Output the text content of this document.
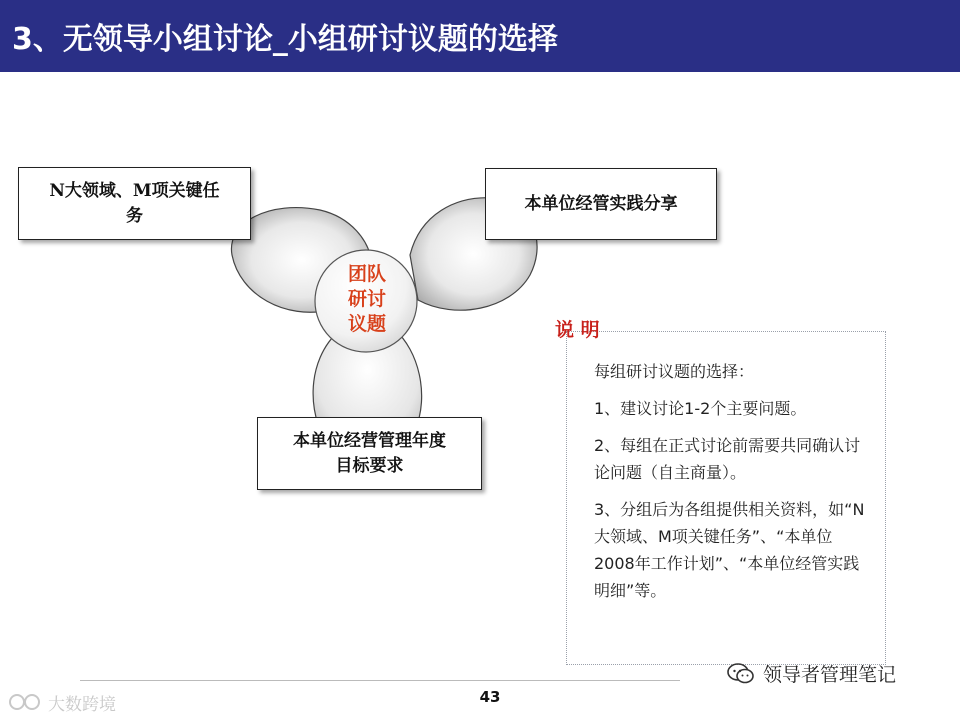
3、无领导小组讨论_小组研讨议题的选择
团队
研讨
议题
N大领域、M项关键任
务
本单位经管实践分享
本单位经营管理年度
目标要求
说 明

每组研讨议题的选择：

1、建议讨论1-2个主要问题。

2、每组在正式讨论前需要共同确认讨论问题（自主商量）。

3、分组后为各组提供相关资料，如“N大领域、M项关键任务”、“本单位2008年工作计划”、“本单位经管实践明细”等。

43
大数跨境
领导者管理笔记
